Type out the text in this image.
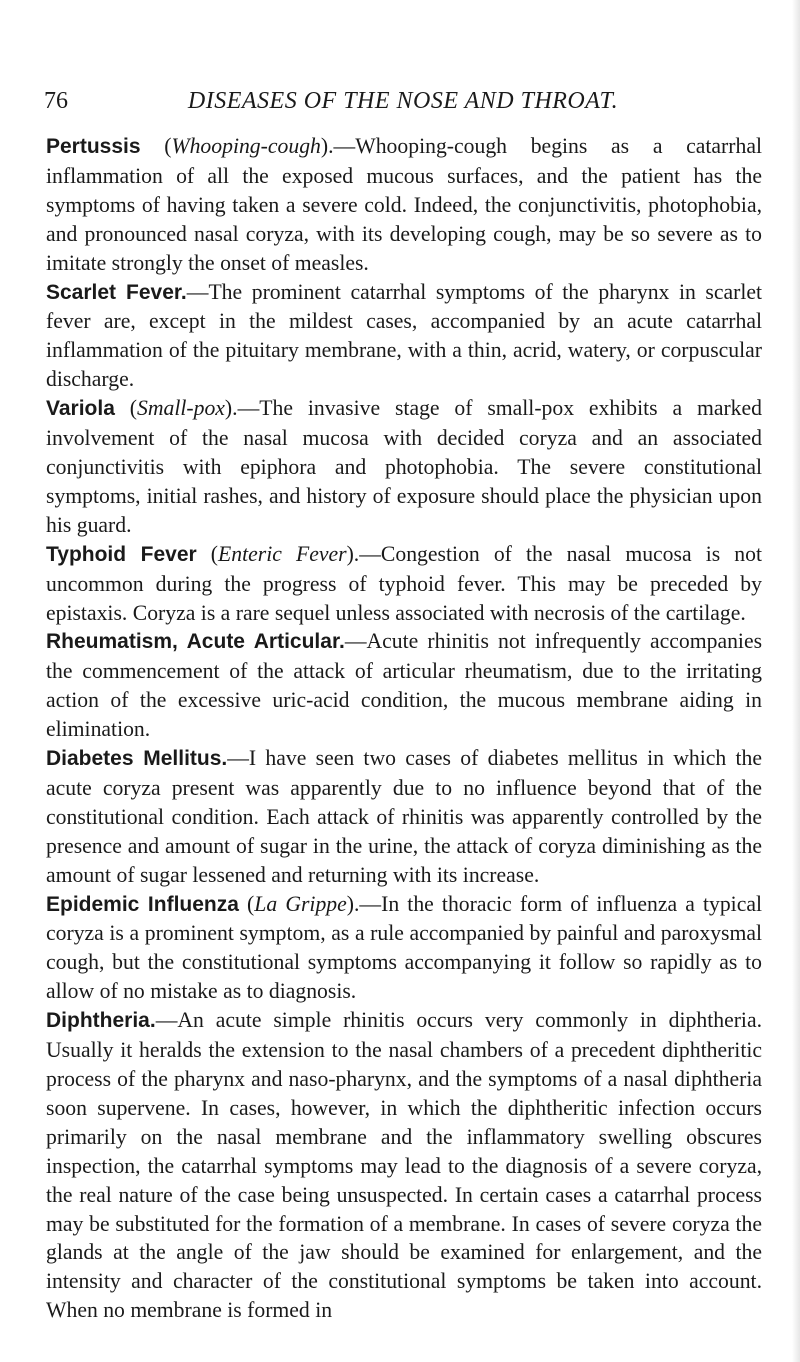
76	DISEASES OF THE NOSE AND THROAT.

Pertussis (Whooping-cough).—Whooping-cough begins as a catarrhal inflammation of all the exposed mucous surfaces, and the patient has the symptoms of having taken a severe cold. Indeed, the conjunctivitis, photophobia, and pronounced nasal coryza, with its developing cough, may be so severe as to imitate strongly the onset of measles.

Scarlet Fever.—The prominent catarrhal symptoms of the pharynx in scarlet fever are, except in the mildest cases, accompanied by an acute catarrhal inflammation of the pituitary membrane, with a thin, acrid, watery, or corpuscular discharge.

Variola (Small-pox).—The invasive stage of small-pox exhibits a marked involvement of the nasal mucosa with decided coryza and an associated conjunctivitis with epiphora and photophobia. The severe constitutional symptoms, initial rashes, and history of exposure should place the physician upon his guard.

Typhoid Fever (Enteric Fever).—Congestion of the nasal mucosa is not uncommon during the progress of typhoid fever. This may be preceded by epistaxis. Coryza is a rare sequel unless associated with necrosis of the cartilage.

Rheumatism, Acute Articular.—Acute rhinitis not infrequently accompanies the commencement of the attack of articular rheumatism, due to the irritating action of the excessive uric-acid condition, the mucous membrane aiding in elimination.

Diabetes Mellitus.—I have seen two cases of diabetes mellitus in which the acute coryza present was apparently due to no influence beyond that of the constitutional condition. Each attack of rhinitis was apparently controlled by the presence and amount of sugar in the urine, the attack of coryza diminishing as the amount of sugar lessened and returning with its increase.

Epidemic Influenza (La Grippe).—In the thoracic form of influenza a typical coryza is a prominent symptom, as a rule accompanied by painful and paroxysmal cough, but the constitutional symptoms accompanying it follow so rapidly as to allow of no mistake as to diagnosis.

Diphtheria.—An acute simple rhinitis occurs very commonly in diphtheria. Usually it heralds the extension to the nasal chambers of a precedent diphtheritic process of the pharynx and naso-pharynx, and the symptoms of a nasal diphtheria soon supervene. In cases, however, in which the diphtheritic infection occurs primarily on the nasal membrane and the inflammatory swelling obscures inspection, the catarrhal symptoms may lead to the diagnosis of a severe coryza, the real nature of the case being unsuspected. In certain cases a catarrhal process may be substituted for the formation of a membrane. In cases of severe coryza the glands at the angle of the jaw should be examined for enlargement, and the intensity and character of the constitutional symptoms be taken into account. When no membrane is formed in
